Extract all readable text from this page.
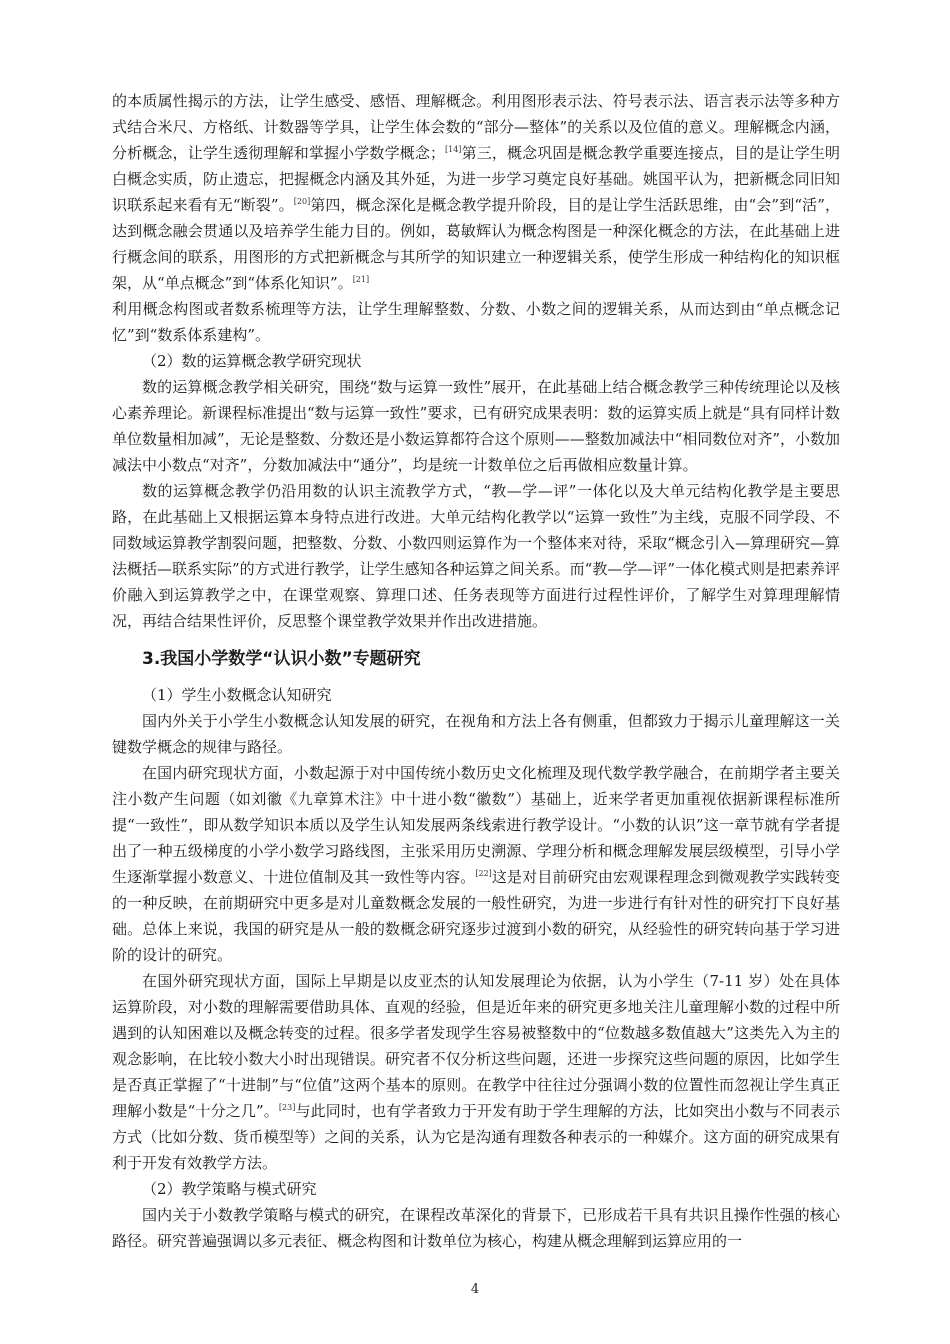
的本质属性揭示的方法，让学生感受、感悟、理解概念。利用图形表示法、符号表示法、语言表示法等多种方式结合米尺、方格纸、计数器等学具，让学生体会数的“部分—整体”的关系以及位值的意义。理解概念内涵，分析概念，让学生透彻理解和掌握小学数学概念；[14]第三，概念巩固是概念教学重要连接点，目的是让学生明白概念实质，防止遗忘，把握概念内涵及其外延，为进一步学习奠定良好基础。姚国平认为，把新概念同旧知识联系起来看有无“断裂”。[20]第四，概念深化是概念教学提升阶段，目的是让学生活跃思维，由“会”到“活”，达到概念融会贯通以及培养学生能力目的。例如，葛敏辉认为概念构图是一种深化概念的方法，在此基础上进行概念间的联系，用图形的方式把新概念与其所学的知识建立一种逻辑关系，使学生形成一种结构化的知识框架，从“单点概念”到“体系化知识”。[21]
利用概念构图或者数系梳理等方法，让学生理解整数、分数、小数之间的逻辑关系，从而达到由“单点概念记忆”到“数系体系建构”。

（2）数的运算概念教学研究现状

数的运算概念教学相关研究，围绕“数与运算一致性”展开，在此基础上结合概念教学三种传统理论以及核心素养理论。新课程标准提出“数与运算一致性”要求，已有研究成果表明：数的运算实质上就是“具有同样计数单位数量相加减”，无论是整数、分数还是小数运算都符合这个原则——整数加减法中“相同数位对齐”，小数加减法中小数点“对齐”，分数加减法中“通分”，均是统一计数单位之后再做相应数量计算。

数的运算概念教学仍沿用数的认识主流教学方式，“教—学—评”一体化以及大单元结构化教学是主要思路，在此基础上又根据运算本身特点进行改进。大单元结构化教学以“运算一致性”为主线，克服不同学段、不同数域运算教学割裂问题，把整数、分数、小数四则运算作为一个整体来对待，采取“概念引入—算理研究—算法概括—联系实际”的方式进行教学，让学生感知各种运算之间关系。而“教—学—评”一体化模式则是把素养评价融入到运算教学之中，在课堂观察、算理口述、任务表现等方面进行过程性评价，了解学生对算理理解情况，再结合结果性评价，反思整个课堂教学效果并作出改进措施。

3.我国小学数学“认识小数”专题研究

（1）学生小数概念认知研究

国内外关于小学生小数概念认知发展的研究，在视角和方法上各有侧重，但都致力于揭示儿童理解这一关键数学概念的规律与路径。

在国内研究现状方面，小数起源于对中国传统小数历史文化梳理及现代数学教学融合，在前期学者主要关注小数产生问题（如刘徽《九章算术注》中十进小数“徽数”）基础上，近来学者更加重视依据新课程标准所提“一致性”，即从数学知识本质以及学生认知发展两条线索进行教学设计。“小数的认识”这一章节就有学者提出了一种五级梯度的小学小数学习路线图，主张采用历史溯源、学理分析和概念理解发展层级模型，引导小学生逐渐掌握小数意义、十进位值制及其一致性等内容。[22]这是对目前研究由宏观课程理念到微观教学实践转变的一种反映，在前期研究中更多是对儿童数概念发展的一般性研究，为进一步进行有针对性的研究打下良好基础。总体上来说，我国的研究是从一般的数概念研究逐步过渡到小数的研究，从经验性的研究转向基于学习进阶的设计的研究。

在国外研究现状方面，国际上早期是以皮亚杰的认知发展理论为依据，认为小学生（7-11 岁）处在具体运算阶段，对小数的理解需要借助具体、直观的经验，但是近年来的研究更多地关注儿童理解小数的过程中所遇到的认知困难以及概念转变的过程。很多学者发现学生容易被整数中的“位数越多数值越大”这类先入为主的观念影响，在比较小数大小时出现错误。研究者不仅分析这些问题，还进一步探究这些问题的原因，比如学生是否真正掌握了“十进制”与“位值”这两个基本的原则。在教学中往往过分强调小数的位置性而忽视让学生真正理解小数是“十分之几”。[23]与此同时，也有学者致力于开发有助于学生理解的方法，比如突出小数与不同表示方式（比如分数、货币模型等）之间的关系，认为它是沟通有理数各种表示的一种媒介。这方面的研究成果有利于开发有效教学方法。

（2）教学策略与模式研究

国内关于小数教学策略与模式的研究，在课程改革深化的背景下，已形成若干具有共识且操作性强的核心路径。研究普遍强调以多元表征、概念构图和计数单位为核心，构建从概念理解到运算应用的一

4
